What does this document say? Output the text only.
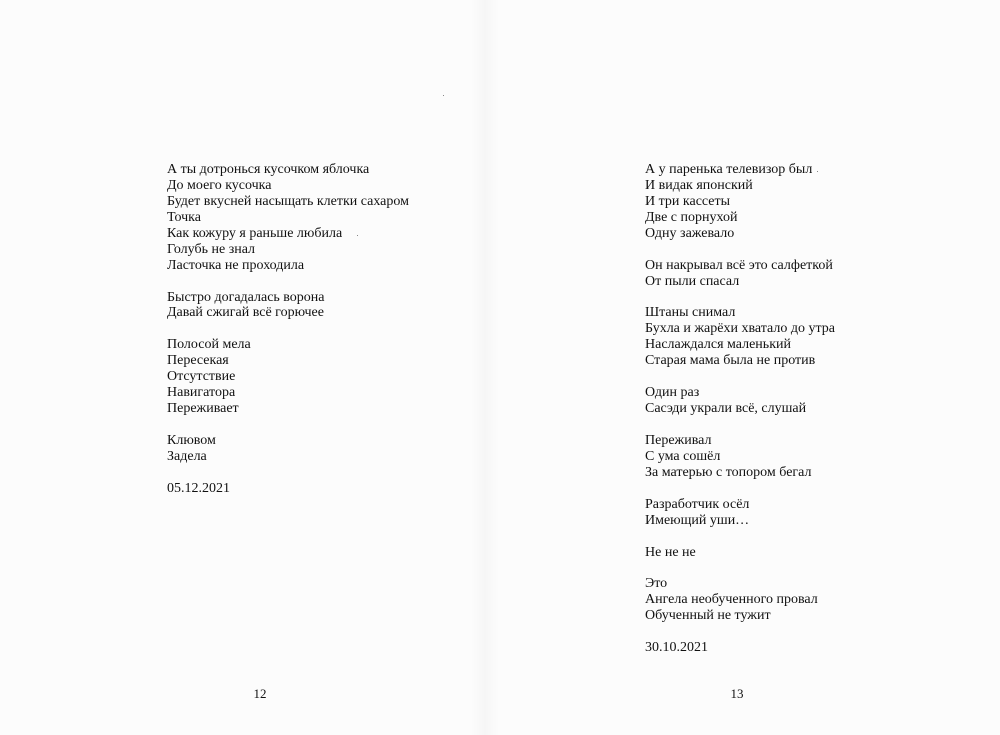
А ты дотронься кусочком яблочка
До моего кусочка
Будет вкусней насыщать клетки сахаром
Точка
Как кожуру я раньше любила
Голубь не знал
Ласточка не проходила
Быстро догадалась ворона
Давай сжигай всё горючее
Полосой мела
Пересекая
Отсутствие
Навигатора
Переживает
Клювом
Задела
05.12.2021
12
А у паренька телевизор был
И видак японский
И три кассеты
Две с порнухой
Одну зажевало
Он накрывал всё это салфеткой
От пыли спасал
Штаны снимал
Бухла и жарёхи хватало до утра
Наслаждался маленький
Старая мама была не против
Один раз
Сасэди украли всё, слушай
Переживал
С ума сошёл
За матерью с топором бегал
Разработчик осёл
Имеющий уши…
Не не не
Это
Ангела необученного провал
Обученный не тужит
30.10.2021
13
